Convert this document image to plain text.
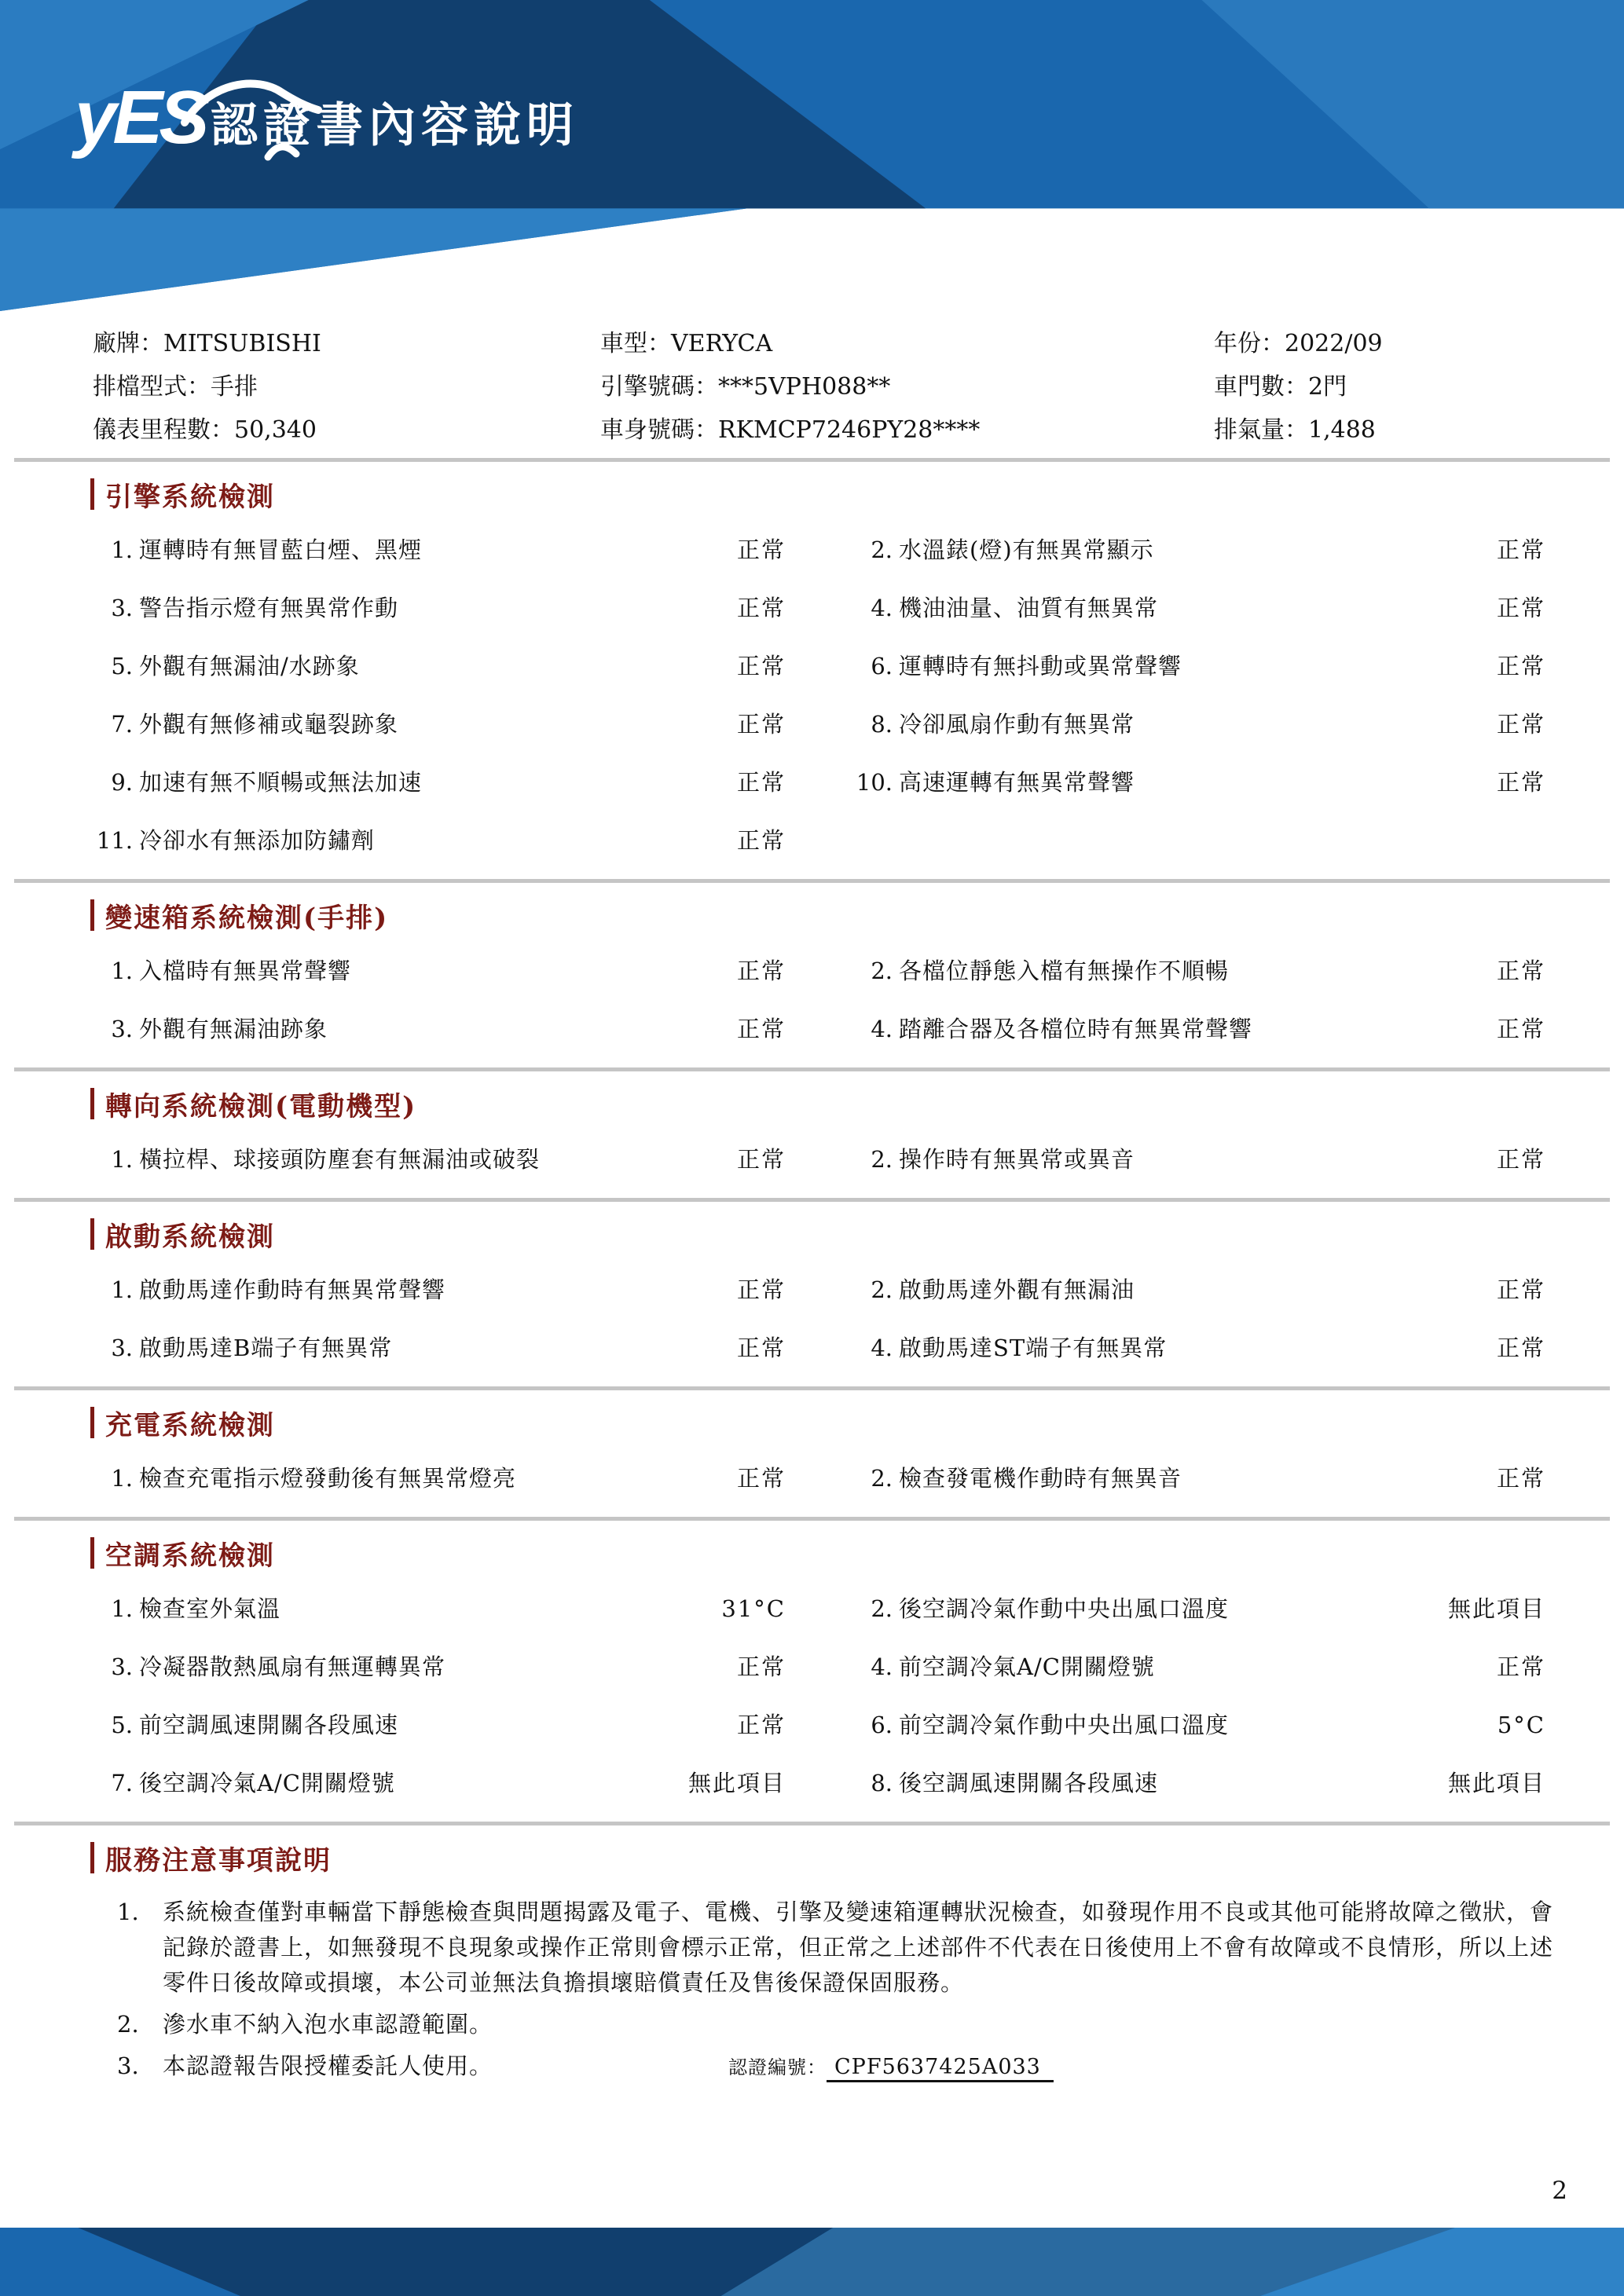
yES 認證書內容說明
廠牌：MITSUBISHI	車型：VERYCA	年份：2022/09
排檔型式：手排	引擎號碼：***5VPH088**	車門數：2門
儀表里程數：50,340	車身號碼：RKMCP7246PY28****	排氣量：1,488
引擎系統檢測
1. 運轉時有無冒藍白煙、黑煙	正常	2. 水溫錶(燈)有無異常顯示	正常
3. 警告指示燈有無異常作動	正常	4. 機油油量、油質有無異常	正常
5. 外觀有無漏油/水跡象	正常	6. 運轉時有無抖動或異常聲響	正常
7. 外觀有無修補或龜裂跡象	正常	8. 冷卻風扇作動有無異常	正常
9. 加速有無不順暢或無法加速	正常	10. 高速運轉有無異常聲響	正常
11. 冷卻水有無添加防鏽劑	正常
變速箱系統檢測(手排)
1. 入檔時有無異常聲響	正常	2. 各檔位靜態入檔有無操作不順暢	正常
3. 外觀有無漏油跡象	正常	4. 踏離合器及各檔位時有無異常聲響	正常
轉向系統檢測(電動機型)
1. 橫拉桿、球接頭防塵套有無漏油或破裂	正常	2. 操作時有無異常或異音	正常
啟動系統檢測
1. 啟動馬達作動時有無異常聲響	正常	2. 啟動馬達外觀有無漏油	正常
3. 啟動馬達B端子有無異常	正常	4. 啟動馬達ST端子有無異常	正常
充電系統檢測
1. 檢查充電指示燈發動後有無異常燈亮	正常	2. 檢查發電機作動時有無異音	正常
空調系統檢測
1. 檢查室外氣溫	31°C	2. 後空調冷氣作動中央出風口溫度	無此項目
3. 冷凝器散熱風扇有無運轉異常	正常	4. 前空調冷氣A/C開關燈號	正常
5. 前空調風速開關各段風速	正常	6. 前空調冷氣作動中央出風口溫度	5°C
7. 後空調冷氣A/C開關燈號	無此項目	8. 後空調風速開關各段風速	無此項目
服務注意事項說明
1.	系統檢查僅對車輛當下靜態檢查與問題揭露及電子、電機、引擎及變速箱運轉狀況檢查，如發現作用不良或其他可能將故障之徵狀，會記錄於證書上，如無發現不良現象或操作正常則會標示正常，但正常之上述部件不代表在日後使用上不會有故障或不良情形，所以上述零件日後故障或損壞，本公司並無法負擔損壞賠償責任及售後保證保固服務。
2.	滲水車不納入泡水車認證範圍。
3.	本認證報告限授權委託人使用。	認證編號： CPF5637425A033
2
